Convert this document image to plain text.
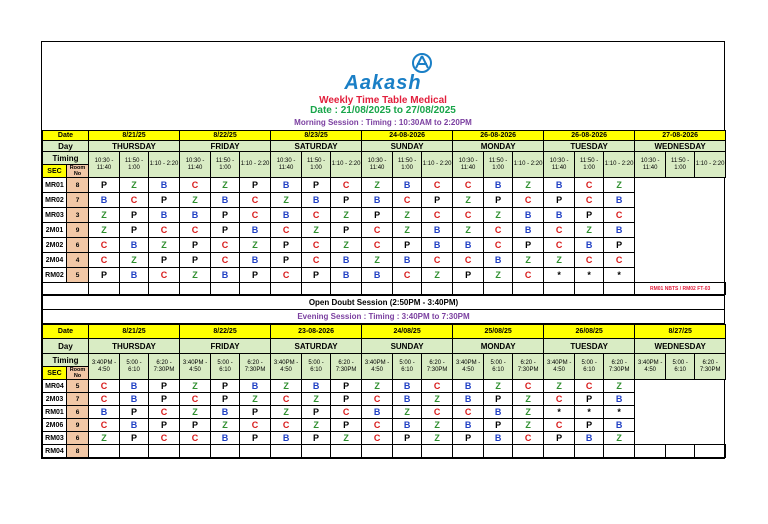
Aakash
Weekly Time Table Medical
Date : 21/08/2025 to 27/08/2025
Morning Session : Timing : 10:30AM to 2:20PM
Date		8/21/25			8/22/25			8/23/25			24-08-2026			26-08-2026			26-08-2026			27-08-2026		
Day		THURSDAY			FRIDAY			SATURDAY			SUNDAY			MONDAY			TUESDAY			WEDNESDAY		
Timing		10:30 - 11:40	11:50 - 1:00	1:10 - 2:20	10:30 - 11:40	11:50 - 1:00	1:10 - 2:20	10:30 - 11:40	11:50 - 1:00	1:10 - 2:20	10:30 - 11:40	11:50 - 1:00	1:10 - 2:20	10:30 - 11:40	11:50 - 1:00	1:10 - 2:20	10:30 - 11:40	11:50 - 1:00	1:10 - 2:20	10:30 - 11:40	11:50 - 1:00	1:10 - 2:20
SEC	Room No																					
MR01	8	P	Z	B	C	Z	P	B	P	C	Z	B	C	C	B	Z	B	C	Z			
MR02	7	B	C	P	Z	B	C	Z	B	P	B	C	P	Z	P	C	P	C	B			
MR03	3	Z	P	B	B	P	C	B	C	Z	P	Z	C	C	Z	B	B	P	C			
2M01	9	Z	P	C	C	P	B	C	Z	P	C	Z	B	Z	C	B	C	Z	B			
2M02	6	C	B	Z	P	C	Z	P	C	Z	C	P	B	B	C	P	C	B	P			
2M04	4	C	Z	P	P	C	B	P	C	B	Z	B	C	C	B	Z	Z	C	C			
RM02	5	P	B	C	Z	B	P	C	P	B	B	C	Z	P	Z	C	*	*	*			
																				RM01 NBTS / RM02 FT-03		
Open Doubt Session (2:50PM - 3:40PM)
Evening Session : Timing : 3:40PM to 7:30PM
Date		8/21/25			8/22/25			23-08-2026			24/08/25			25/08/25			26/08/25			8/27/25		
Day		THURSDAY			FRIDAY			SATURDAY			SUNDAY			MONDAY			TUESDAY			WEDNESDAY		
Timing		3:40PM - 4:50	5:00 - 6:10	6:20 - 7:30PM	3:40PM - 4:50	5:00 - 6:10	6:20 - 7:30PM	3:40PM - 4:50	5:00 - 6:10	6:20 - 7:30PM	3:40PM - 4:50	5:00 - 6:10	6:20 - 7:30PM	3:40PM - 4:50	5:00 - 6:10	6:20 - 7:30PM	3:40PM - 4:50	5:00 - 6:10	6:20 - 7:30PM	3:40PM - 4:50	5:00 - 6:10	6:20 - 7:30PM
SEC	Room No																					
MR04	5	C	B	P	Z	P	B	Z	B	P	Z	B	C	B	Z	C	Z	C	Z			
2M03	7	C	B	P	C	P	Z	C	Z	P	C	B	Z	B	P	Z	C	P	B			
RM01	6	B	P	C	Z	B	P	Z	P	C	B	Z	C	C	B	Z	*	*	*			
2M06	9	C	B	P	P	Z	C	C	Z	P	C	B	Z	B	P	Z	C	P	B			
RM03	6	Z	P	C	C	B	P	B	P	Z	C	P	Z	P	B	C	P	B	Z			
RM04	8																					
